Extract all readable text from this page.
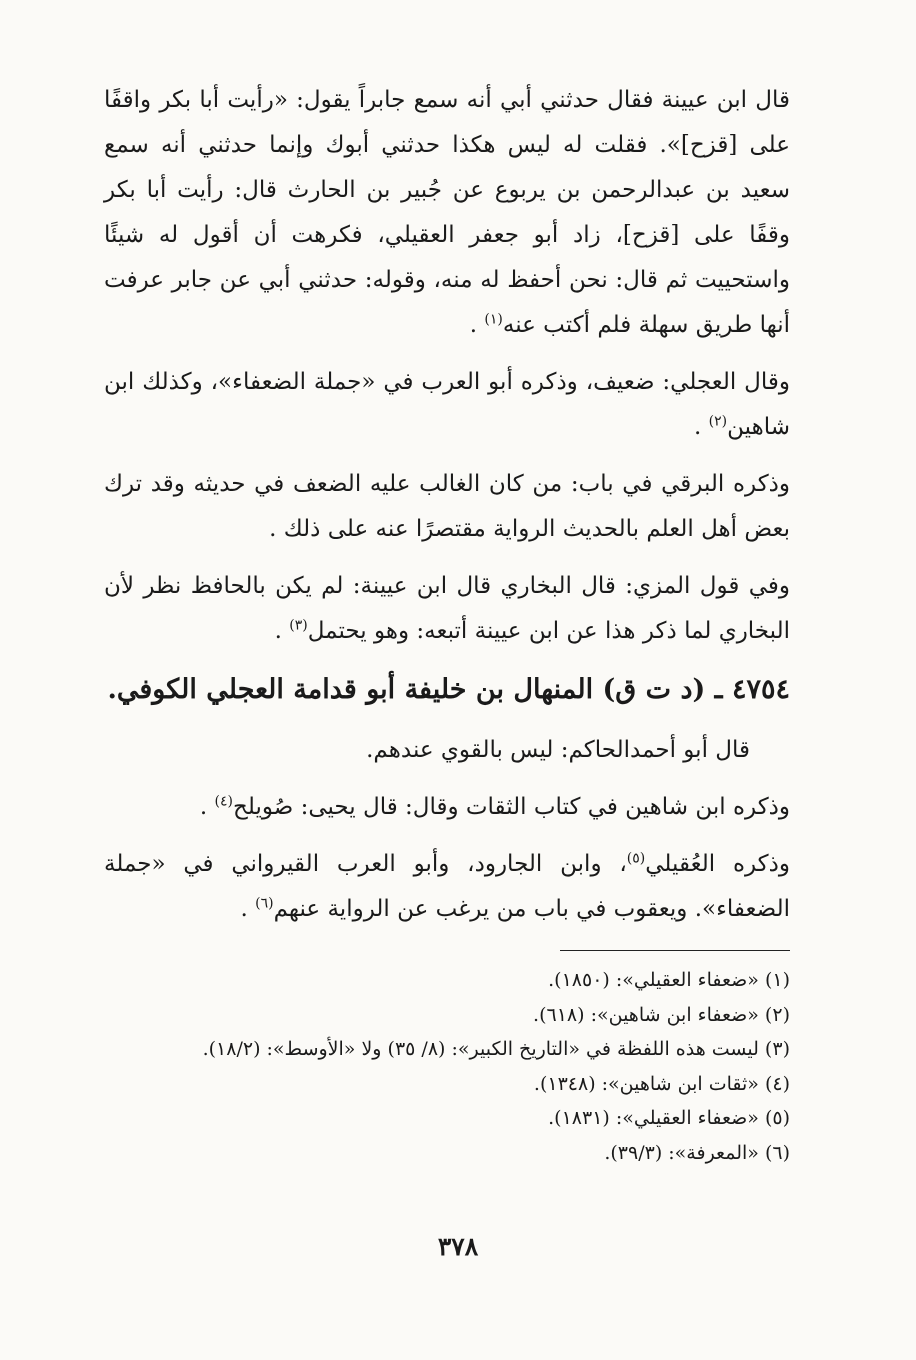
قال ابن عيينة فقال حدثني أبي أنه سمع جابراً يقول: «رأيت أبا بكر واقفًا على [قزح]». فقلت له ليس هكذا حدثني أبوك وإنما حدثني أنه سمع سعيد بن عبدالرحمن بن يربوع عن جُبير بن الحارث قال: رأيت أبا بكر وقفًا على [قزح]، زاد أبو جعفر العقيلي، فكرهت أن أقول له شيئًا واستحييت ثم قال: نحن أحفظ له منه، وقوله: حدثني أبي عن جابر عرفت أنها طريق سهلة فلم أكتب عنه$^{(١)}$ .

وقال العجلي: ضعيف، وذكره أبو العرب في «جملة الضعفاء»، وكذلك ابن شاهين$^{(٢)}$ .

وذكره البرقي في باب: من كان الغالب عليه الضعف في حديثه وقد ترك بعض أهل العلم بالحديث الرواية مقتصرًا عنه على ذلك .

وفي قول المزي: قال البخاري قال ابن عيينة: لم يكن بالحافظ نظر لأن البخاري لما ذكر هذا عن ابن عيينة أتبعه: وهو يحتمل$^{(٣)}$ .

٤٧٥٤ ـ (د ت ق) المنهال بن خليفة أبو قدامة العجلي الكوفي.

قال أبو أحمدالحاكم: ليس بالقوي عندهم.

وذكره ابن شاهين في كتاب الثقات وقال: قال يحيى: صُويلح$^{(٤)}$ .

وذكره العُقيلي$^{(٥)}$، وابن الجارود، وأبو العرب القيرواني في «جملة الضعفاء». ويعقوب في باب من يرغب عن الرواية عنهم$^{(٦)}$ .

(١) «ضعفاء العقيلي»: (١٨٥٠).
(٢) «ضعفاء ابن شاهين»: (٦١٨).
(٣) ليست هذه اللفظة في «التاريخ الكبير»: (٨/ ٣٥) ولا «الأوسط»: (١٨/٢).
(٤) «ثقات ابن شاهين»: (١٣٤٨).
(٥) «ضعفاء العقيلي»: (١٨٣١).
(٦) «المعرفة»: (٣٩/٣).
٣٧٨
